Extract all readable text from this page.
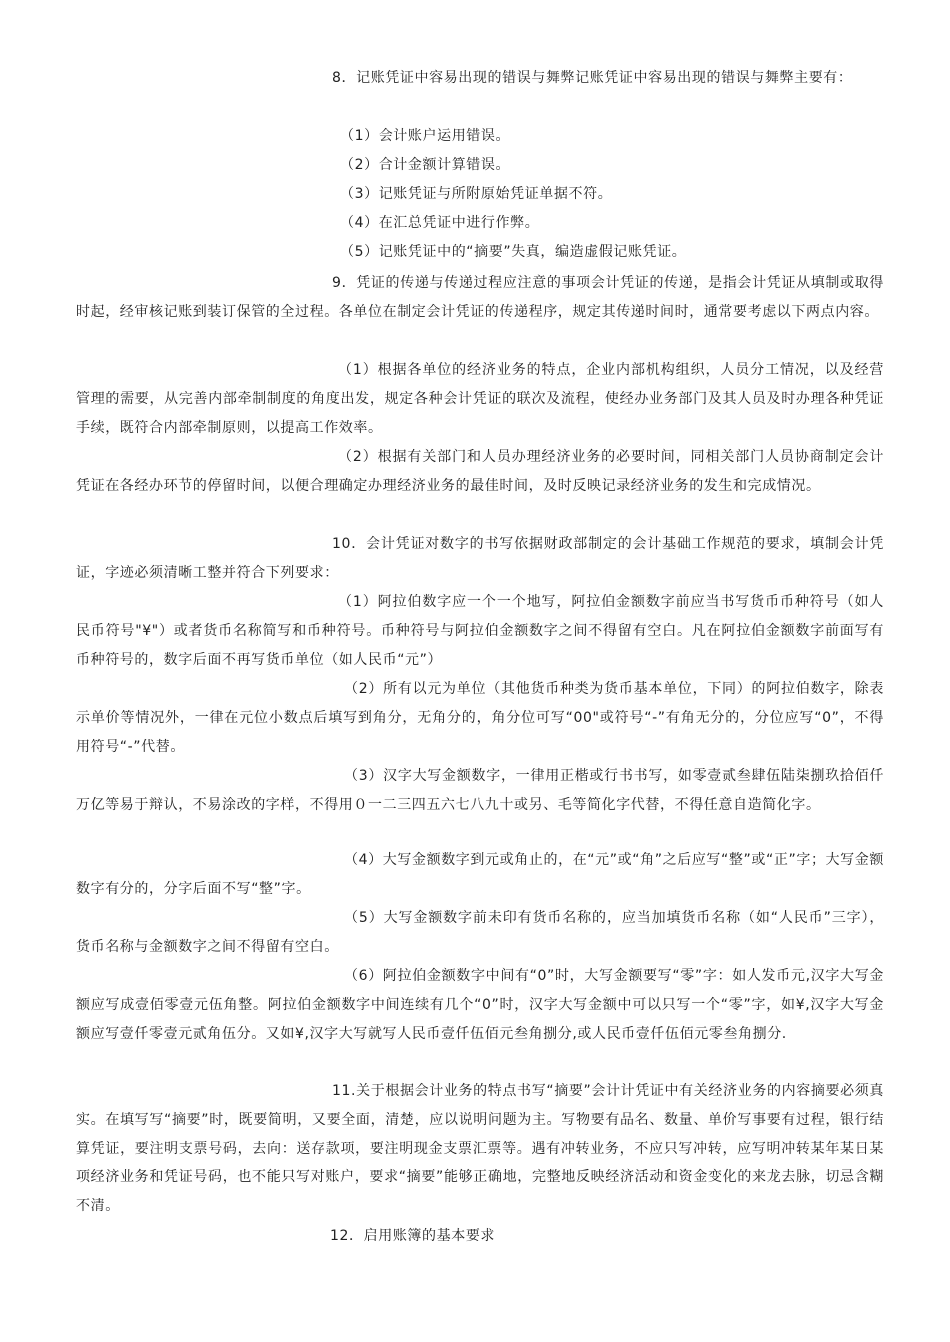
8．记账凭证中容易出现的错误与舞弊记账凭证中容易出现的错误与舞弊主要有：

（1）会计账户运用错误。

（2）合计金额计算错误。

（3）记账凭证与所附原始凭证单据不符。

（4）在汇总凭证中进行作弊。

（5）记账凭证中的“摘要”失真，编造虚假记账凭证。

9．凭证的传递与传递过程应注意的事项会计凭证的传递，是指会计凭证从填制或取得时起，经审核记账到装订保管的全过程。各单位在制定会计凭证的传递程序，规定其传递时间时，通常要考虑以下两点内容。

（1）根据各单位的经济业务的特点，企业内部机构组织，人员分工情况，以及经营管理的需要，从完善内部牵制制度的角度出发，规定各种会计凭证的联次及流程，使经办业务部门及其人员及时办理各种凭证手续，既符合内部牵制原则，以提高工作效率。

（2）根据有关部门和人员办理经济业务的必要时间，同相关部门人员协商制定会计凭证在各经办环节的停留时间，以便合理确定办理经济业务的最佳时间，及时反映记录经济业务的发生和完成情况。

10．会计凭证对数字的书写依据财政部制定的会计基础工作规范的要求，填制会计凭证，字迹必须清晰工整并符合下列要求：

（1）阿拉伯数字应一个一个地写，阿拉伯金额数字前应当书写货币币种符号（如人民币符号"¥"）或者货币名称简写和币种符号。币种符号与阿拉伯金额数字之间不得留有空白。凡在阿拉伯金额数字前面写有币种符号的，数字后面不再写货币单位（如人民币“元”）

（2）所有以元为单位（其他货币种类为货币基本单位，下同）的阿拉伯数字，除表示单价等情况外，一律在元位小数点后填写到角分，无角分的，角分位可写“00"或符号“-”有角无分的，分位应写“0”，不得用符号“-”代替。

（3）汉字大写金额数字，一律用正楷或行书书写，如零壹贰叁肆伍陆柒捌玖拾佰仟万亿等易于辩认，不易涂改的字样，不得用０一二三四五六七八九十或另、毛等简化字代替，不得任意自造简化字。

（4）大写金额数字到元或角止的，在“元”或“角”之后应写“整”或“正”字；大写金额数字有分的，分字后面不写“整”字。

（5）大写金额数字前未印有货币名称的，应当加填货币名称（如“人民币”三字），货币名称与金额数字之间不得留有空白。

（6）阿拉伯金额数字中间有“0”时，大写金额要写“零”字：如人发币元,汉字大写金额应写成壹佰零壹元伍角整。阿拉伯金额数字中间连续有几个“0”时，汉字大写金额中可以只写一个“零”字，如¥,汉字大写金额应写壹仟零壹元贰角伍分。又如¥,汉字大写就写人民币壹仟伍佰元叁角捌分,或人民币壹仟伍佰元零叁角捌分.

11.关于根据会计业务的特点书写“摘要”会计计凭证中有关经济业务的内容摘要必须真实。在填写写“摘要”时，既要简明，又要全面，清楚，应以说明问题为主。写物要有品名、数量、单价写事要有过程，银行结算凭证，要注明支票号码，去向：送存款项，要注明现金支票汇票等。遇有冲转业务，不应只写冲转，应写明冲转某年某日某项经济业务和凭证号码，也不能只写对账户，要求“摘要”能够正确地，完整地反映经济活动和资金变化的来龙去脉，切忌含糊不清。

12．启用账簿的基本要求
